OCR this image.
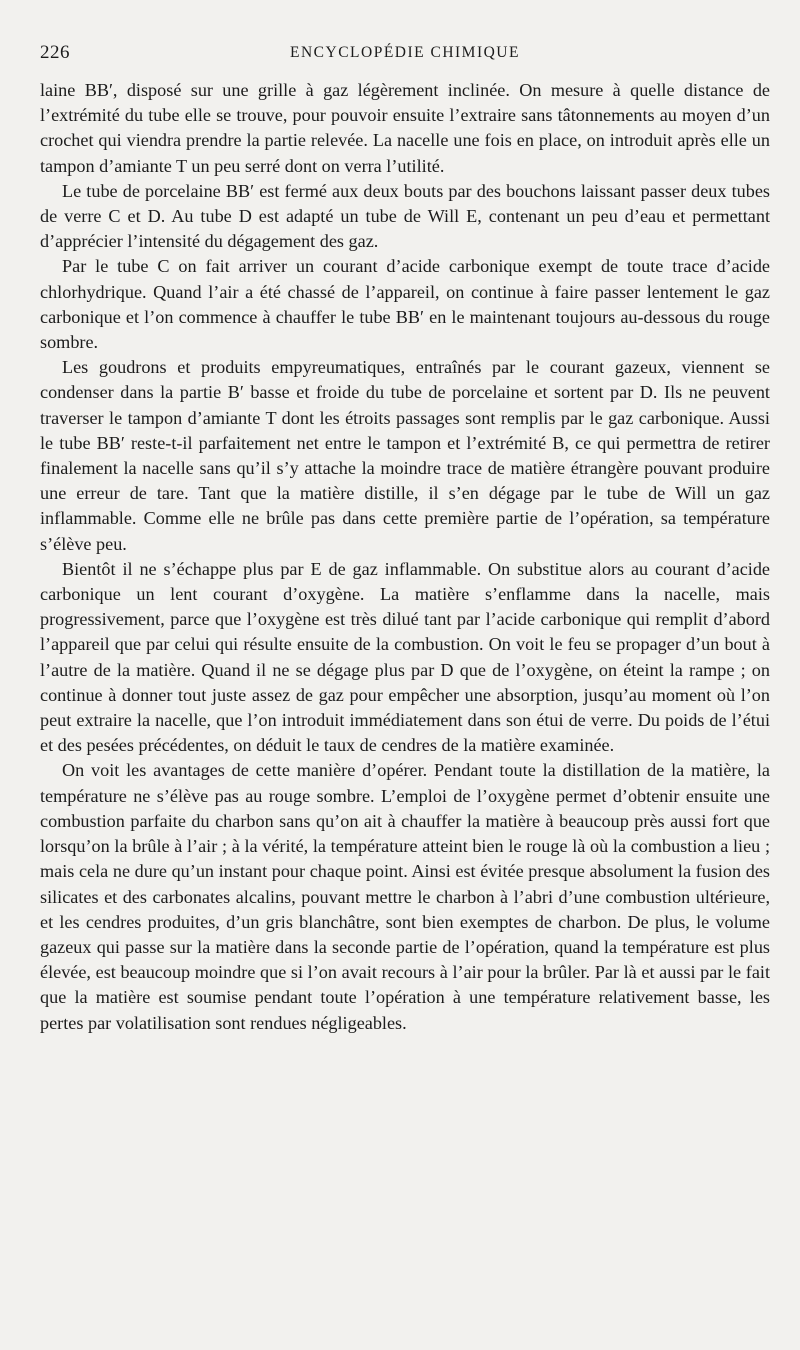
226	ENCYCLOPÉDIE CHIMIQUE

laine BB′, disposé sur une grille à gaz légèrement inclinée. On mesure à quelle distance de l’extrémité du tube elle se trouve, pour pouvoir ensuite l’extraire sans tâtonnements au moyen d’un crochet qui viendra prendre la partie relevée. La nacelle une fois en place, on introduit après elle un tampon d’amiante T un peu serré dont on verra l’utilité.

Le tube de porcelaine BB′ est fermé aux deux bouts par des bouchons laissant passer deux tubes de verre C et D. Au tube D est adapté un tube de Will E, contenant un peu d’eau et permettant d’apprécier l’intensité du dégagement des gaz.

Par le tube C on fait arriver un courant d’acide carbonique exempt de toute trace d’acide chlorhydrique. Quand l’air a été chassé de l’appareil, on continue à faire passer lentement le gaz carbonique et l’on commence à chauffer le tube BB′ en le maintenant toujours au-dessous du rouge sombre.

Les goudrons et produits empyreumatiques, entraînés par le courant gazeux, viennent se condenser dans la partie B′ basse et froide du tube de porcelaine et sortent par D. Ils ne peuvent traverser le tampon d’amiante T dont les étroits passages sont remplis par le gaz carbonique. Aussi le tube BB′ reste-t-il parfaitement net entre le tampon et l’extrémité B, ce qui permettra de retirer finalement la nacelle sans qu’il s’y attache la moindre trace de matière étrangère pouvant produire une erreur de tare. Tant que la matière distille, il s’en dégage par le tube de Will un gaz inflammable. Comme elle ne brûle pas dans cette première partie de l’opération, sa température s’élève peu.

Bientôt il ne s’échappe plus par E de gaz inflammable. On substitue alors au courant d’acide carbonique un lent courant d’oxygène. La matière s’enflamme dans la nacelle, mais progressivement, parce que l’oxygène est très dilué tant par l’acide carbonique qui remplit d’abord l’appareil que par celui qui résulte ensuite de la combustion. On voit le feu se propager d’un bout à l’autre de la matière. Quand il ne se dégage plus par D que de l’oxygène, on éteint la rampe ; on continue à donner tout juste assez de gaz pour empêcher une absorption, jusqu’au moment où l’on peut extraire la nacelle, que l’on introduit immédiatement dans son étui de verre. Du poids de l’étui et des pesées précédentes, on déduit le taux de cendres de la matière examinée.

On voit les avantages de cette manière d’opérer. Pendant toute la distillation de la matière, la température ne s’élève pas au rouge sombre. L’emploi de l’oxygène permet d’obtenir ensuite une combustion parfaite du charbon sans qu’on ait à chauffer la matière à beaucoup près aussi fort que lorsqu’on la brûle à l’air ; à la vérité, la température atteint bien le rouge là où la combustion a lieu ; mais cela ne dure qu’un instant pour chaque point. Ainsi est évitée presque absolument la fusion des silicates et des carbonates alcalins, pouvant mettre le charbon à l’abri d’une combustion ultérieure, et les cendres produites, d’un gris blanchâtre, sont bien exemptes de charbon. De plus, le volume gazeux qui passe sur la matière dans la seconde partie de l’opération, quand la température est plus élevée, est beaucoup moindre que si l’on avait recours à l’air pour la brûler. Par là et aussi par le fait que la matière est soumise pendant toute l’opération à une température relativement basse, les pertes par volatilisation sont rendues négligeables.
